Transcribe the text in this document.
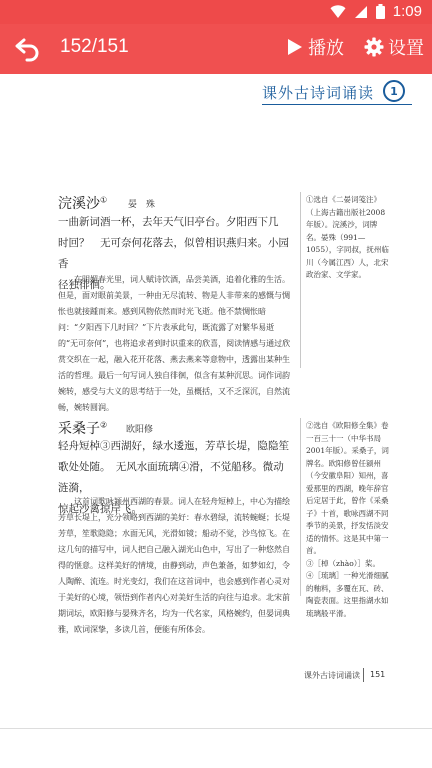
1:09
152/151	播放 设置
课外古诗词诵读	1
浣溪沙①
晏　殊
一曲新词酒一杯，去年天气旧亭台。夕阳西下几
时回？　无可奈何花落去，似曾相识燕归来。小园香
径独徘徊。
在明媚春光里，词人赋诗饮酒，品尝美酒，追着化雅的生活。但是，面对眼前美景，一种由无尽流转、物是人非带来的感慨与惆怅也就接踵而来。感到风物依然而时光飞逝。他不禁惆怅暗问：“夕阳西下几时回？”下片表承此句，既流露了对繁华易逝的“无可奈何”，也将追求者到时识重来的欣喜，阅读情感与通过欣赏交织在一起，融入花开花落、燕去燕来等意物中，透露出某种生活的哲理。最后一句写词人独自徘徊，似含有某种沉思。词作词韵婉转，感受与大义的思考结于一处，虽概括，又不乏深沉，自然流畅，婉转圆润。
①选自《二晏词笺注》（上海古籍出版社2008年版）。浣溪沙，词牌名。晏殊（991—1055），字同叔，抚州临川（今属江西）人，北宋政治家、文学家。
采桑子②
欧阳修
轻舟短棹③西湖好，绿水逶迤，芳草长堤，隐隐笙
歌处处随。　无风水面琉璃④滑，不觉船移。微动涟漪，
惊起沙禽掠岸飞。
这首词歌咏颍州西湖的春景。词人在轻舟短棹上，中心为描绘芳草长堤上，充分领略到西湖的美好：春水碧绿，流转蜿蜒；长堤芳草，笙歌隐隐；水面无风，光滑如镜；船动不觉，沙鸟惊飞。在这几句的描写中，词人把自己融入湖光山色中，写出了一种悠然自得的惬意。这样美好的情境，由静到动，声色兼备，如梦如幻，令人陶醉、流连。时光变幻，我们在这首词中，也会感到作者心灵对于美好的心境，领悟到作者内心对美好生活的向往与追求。北宋前期词坛，欧阳修与晏殊齐名，均为一代名家，风格婉约，但晏词典雅，欧词深挚，多读几首，便能有所体会。
②选自《欧阳修全集》卷一百三十一（中华书局2001年版）。采桑子，词牌名。欧阳修曾任颍州（今安徽阜阳）知州，喜爱那里的西湖，晚年辞官后定居于此，曾作《采桑子》十首，歌咏西湖不同季节的美景，抒发恬淡安适的情怀。这是其中第一首。
③［棹（zhào）］桨。
④［琉璃］一种光滑细腻的釉料，多覆在瓦、砖、陶瓷表面。这里指湖水如琉璃般平滑。
课外古诗词诵读 151
